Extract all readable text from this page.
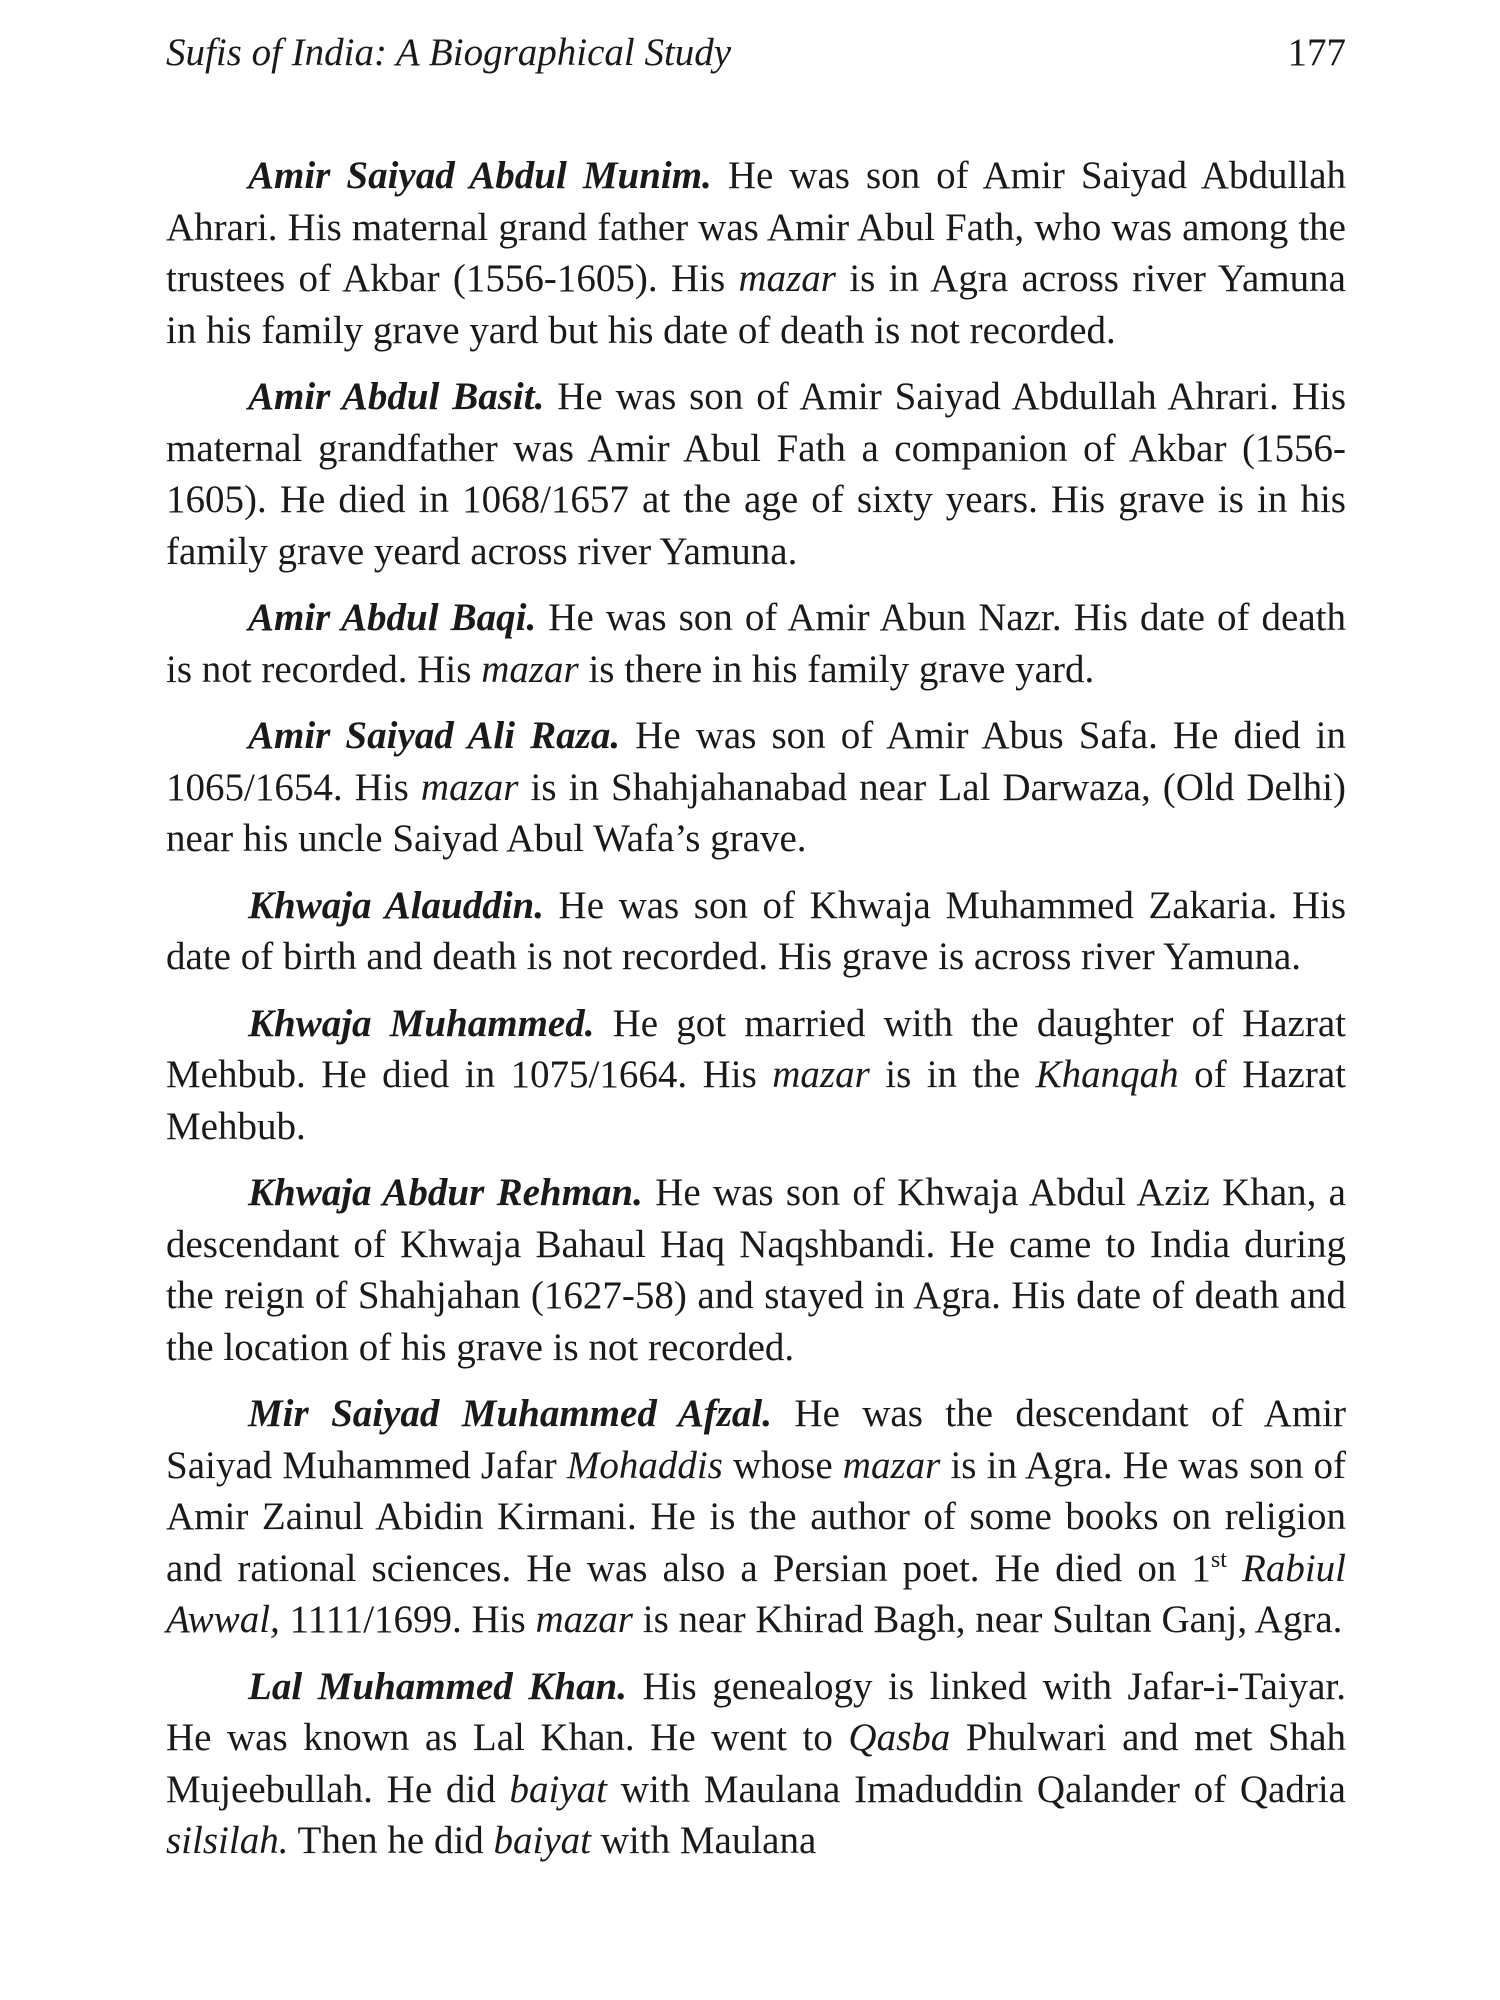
Sufis of India: A Biographical Study	177

Amir Saiyad Abdul Munim. He was son of Amir Saiyad Abdullah Ahrari. His maternal grand father was Amir Abul Fath, who was among the trustees of Akbar (1556-1605). His mazar is in Agra across river Yamuna in his family grave yard but his date of death is not recorded.

Amir Abdul Basit. He was son of Amir Saiyad Abdullah Ahrari. His maternal grandfather was Amir Abul Fath a companion of Akbar (1556-1605). He died in 1068/1657 at the age of sixty years. His grave is in his family grave yeard across river Yamuna.

Amir Abdul Baqi. He was son of Amir Abun Nazr. His date of death is not recorded. His mazar is there in his family grave yard.

Amir Saiyad Ali Raza. He was son of Amir Abus Safa. He died in 1065/1654. His mazar is in Shahjahanabad near Lal Darwaza, (Old Delhi) near his uncle Saiyad Abul Wafa’s grave.

Khwaja Alauddin. He was son of Khwaja Muhammed Zakaria. His date of birth and death is not recorded. His grave is across river Yamuna.

Khwaja Muhammed. He got married with the daughter of Hazrat Mehbub. He died in 1075/1664. His mazar is in the Khanqah of Hazrat Mehbub.

Khwaja Abdur Rehman. He was son of Khwaja Abdul Aziz Khan, a descendant of Khwaja Bahaul Haq Naqshbandi. He came to India during the reign of Shahjahan (1627-58) and stayed in Agra. His date of death and the location of his grave is not recorded.

Mir Saiyad Muhammed Afzal. He was the descendant of Amir Saiyad Muhammed Jafar Mohaddis whose mazar is in Agra. He was son of Amir Zainul Abidin Kirmani. He is the author of some books on religion and rational sciences. He was also a Persian poet. He died on 1st Rabiul Awwal, 1111/1699. His mazar is near Khirad Bagh, near Sultan Ganj, Agra.

Lal Muhammed Khan. His genealogy is linked with Jafar-i-Taiyar. He was known as Lal Khan. He went to Qasba Phulwari and met Shah Mujeebullah. He did baiyat with Maulana Imaduddin Qalander of Qadria silsilah. Then he did baiyat with Maulana
